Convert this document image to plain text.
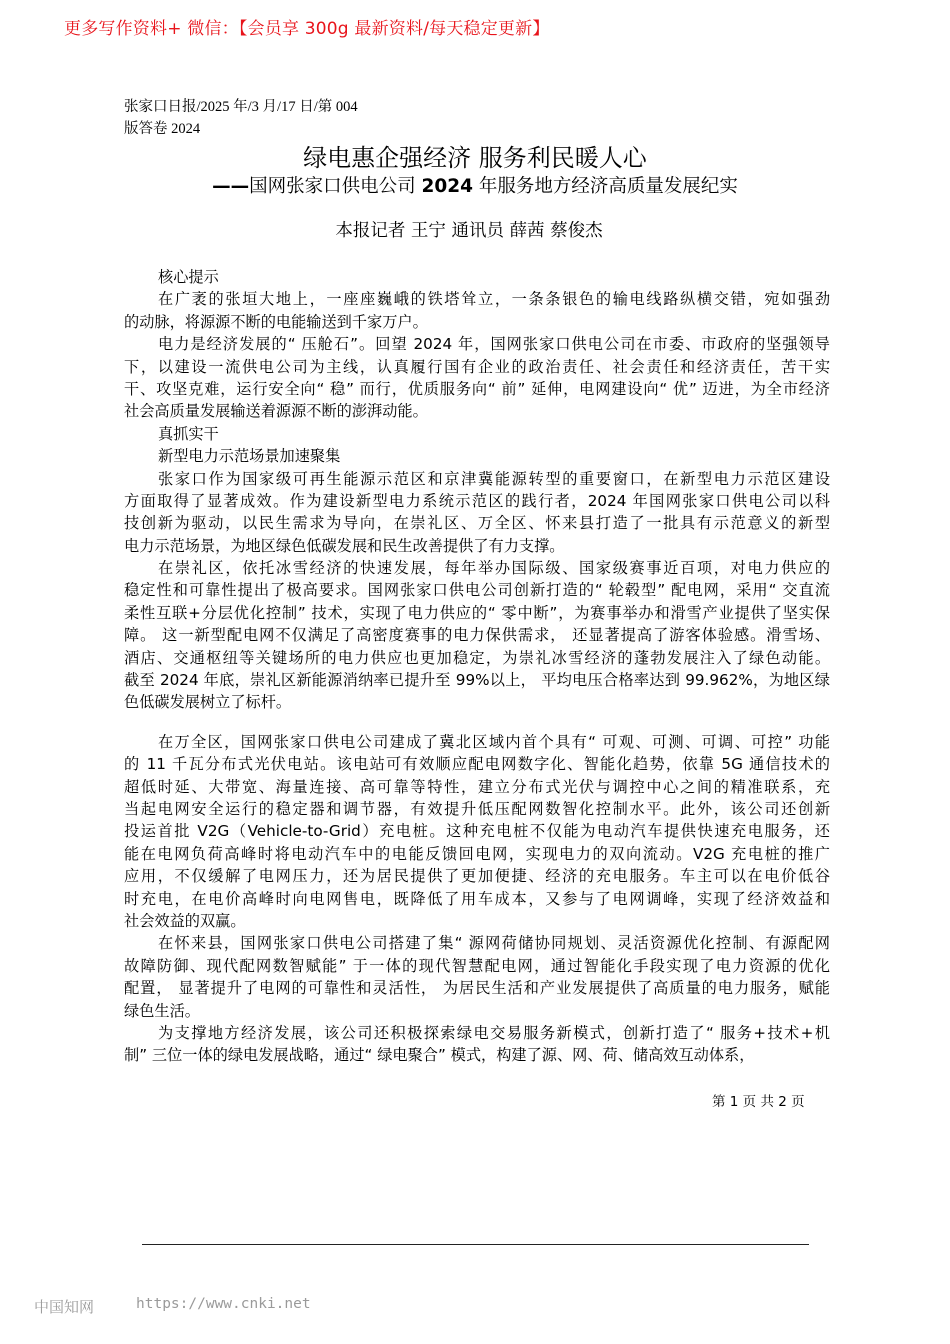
更多写作资料+ 微信：【会员享 300g 最新资料/每天稳定更新】
张家口日报/2025 年/3 月/17 日/第 004
版答卷 2024
绿电惠企强经济 服务利民暖人心
——国网张家口供电公司 2024 年服务地方经济高质量发展纪实
本报记者 王宁 通讯员 薛茜 蔡俊杰
核心提示
在广袤的张垣大地上，一座座巍峨的铁塔耸立，一条条银色的输电线路纵横交错，宛如强劲
的动脉，将源源不断的电能输送到千家万户。
电力是经济发展的“ 压舱石”。回望 2024 年，国网张家口供电公司在市委、市政府的坚强领导
下，以建设一流供电公司为主线，认真履行国有企业的政治责任、社会责任和经济责任，苦干实
干、攻坚克难，运行安全向“ 稳” 而行，优质服务向“ 前” 延伸，电网建设向“ 优” 迈进，为全市经济
社会高质量发展输送着源源不断的澎湃动能。
真抓实干
新型电力示范场景加速聚集
张家口作为国家级可再生能源示范区和京津冀能源转型的重要窗口，在新型电力示范区建设
方面取得了显著成效。作为建设新型电力系统示范区的践行者，2024 年国网张家口供电公司以科
技创新为驱动，以民生需求为导向，在崇礼区、万全区、怀来县打造了一批具有示范意义的新型
电力示范场景，为地区绿色低碳发展和民生改善提供了有力支撑。
在崇礼区，依托冰雪经济的快速发展，每年举办国际级、国家级赛事近百项，对电力供应的
稳定性和可靠性提出了极高要求。国网张家口供电公司创新打造的“ 轮毂型” 配电网，采用“ 交直流
柔性互联+分层优化控制” 技术，实现了电力供应的“ 零中断”，为赛事举办和滑雪产业提供了坚实保
障。 这一新型配电网不仅满足了高密度赛事的电力保供需求， 还显著提高了游客体验感。滑雪场、
酒店、交通枢纽等关键场所的电力供应也更加稳定，为崇礼冰雪经济的蓬勃发展注入了绿色动能。
截至 2024 年底，崇礼区新能源消纳率已提升至 99%以上， 平均电压合格率达到 99.962%，为地区绿
色低碳发展树立了标杆。
在万全区，国网张家口供电公司建成了冀北区域内首个具有“ 可观、可测、可调、可控” 功能
的 11 千瓦分布式光伏电站。该电站可有效顺应配电网数字化、智能化趋势，依靠 5G 通信技术的
超低时延、大带宽、海量连接、高可靠等特性，建立分布式光伏与调控中心之间的精准联系，充
当起电网安全运行的稳定器和调节器，有效提升低压配网数智化控制水平。此外，该公司还创新
投运首批 V2G（Vehicle-to-Grid）充电桩。这种充电桩不仅能为电动汽车提供快速充电服务，还
能在电网负荷高峰时将电动汽车中的电能反馈回电网，实现电力的双向流动。V2G 充电桩的推广
应用，不仅缓解了电网压力，还为居民提供了更加便捷、经济的充电服务。车主可以在电价低谷
时充电，在电价高峰时向电网售电，既降低了用车成本，又参与了电网调峰，实现了经济效益和
社会效益的双赢。
在怀来县，国网张家口供电公司搭建了集“ 源网荷储协同规划、灵活资源优化控制、有源配网
故障防御、现代配网数智赋能” 于一体的现代智慧配电网，通过智能化手段实现了电力资源的优化
配置， 显著提升了电网的可靠性和灵活性， 为居民生活和产业发展提供了高质量的电力服务，赋能
绿色生活。
为支撑地方经济发展，该公司还积极探索绿电交易服务新模式，创新打造了“ 服务+技术+机
制” 三位一体的绿电发展战略，通过“ 绿电聚合” 模式，构建了源、网、荷、储高效互动体系，
第 1 页 共 2 页
中国知网	https://www.cnki.net
